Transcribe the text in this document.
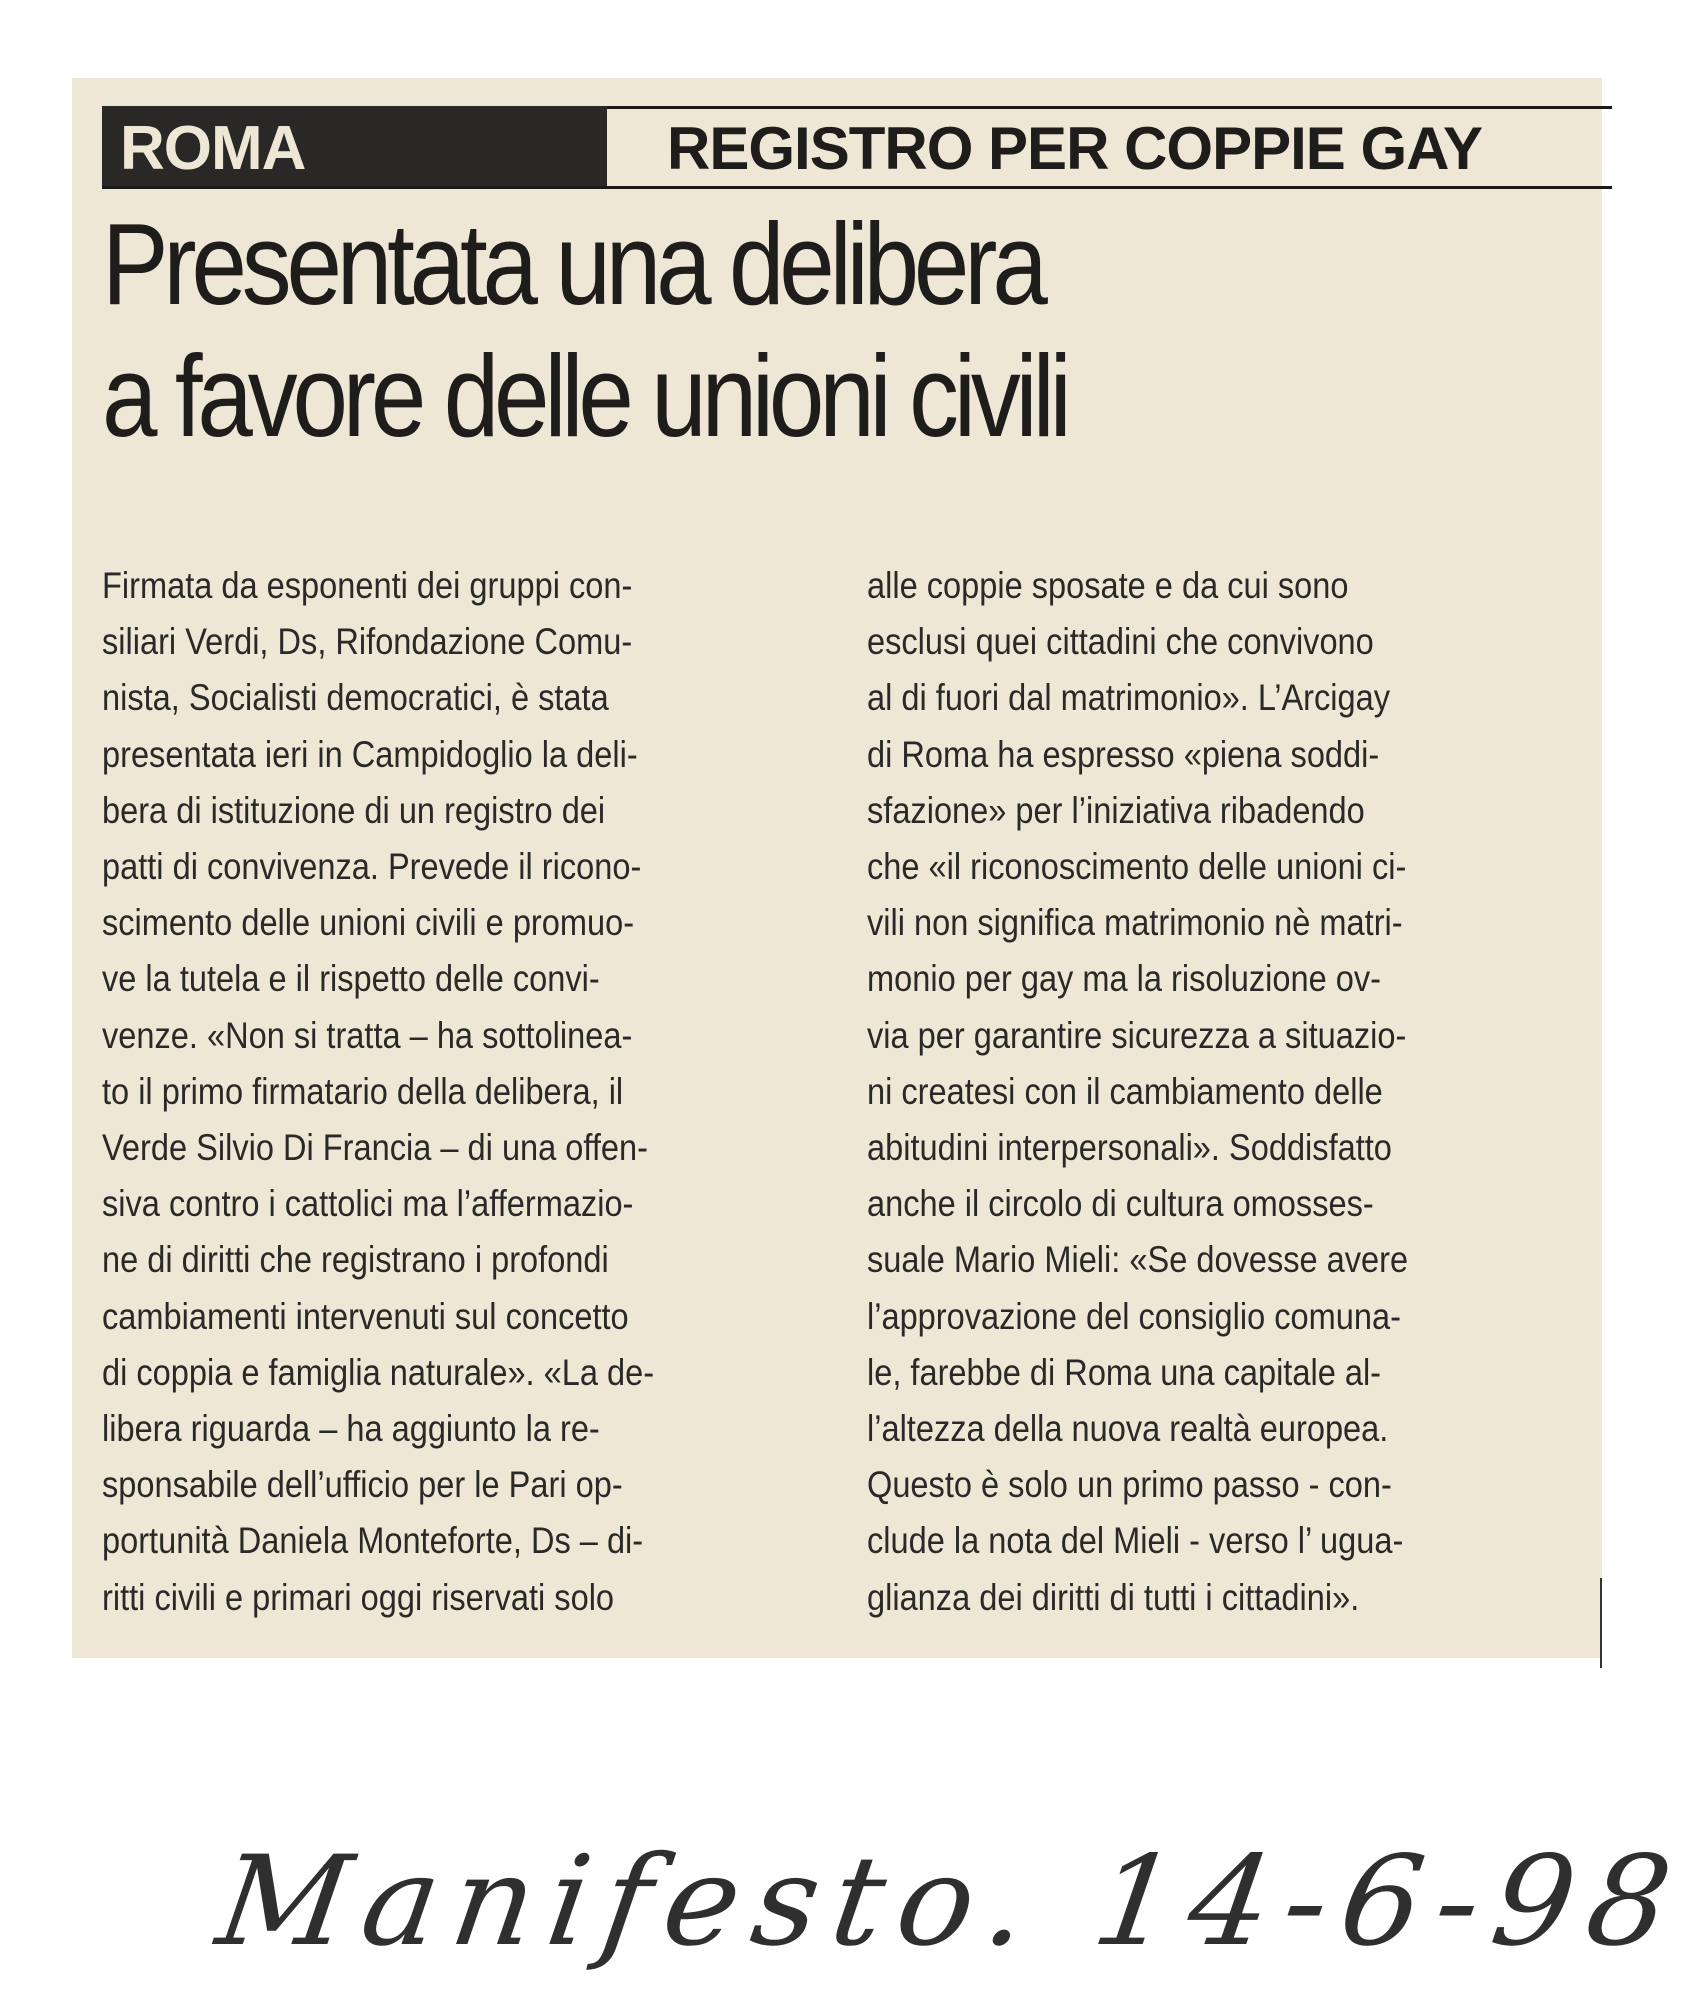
ROMA	REGISTRO PER COPPIE GAY
Presentata una delibera
a favore delle unioni civili
Firmata da esponenti dei gruppi con-
siliari Verdi, Ds, Rifondazione Comu-
nista, Socialisti democratici, è stata
presentata ieri in Campidoglio la deli-
bera di istituzione di un registro dei
patti di convivenza. Prevede il ricono-
scimento delle unioni civili e promuo-
ve la tutela e il rispetto delle convi-
venze. «Non si tratta – ha sottolinea-
to il primo firmatario della delibera, il
Verde Silvio Di Francia – di una offen-
siva contro i cattolici ma l’affermazio-
ne di diritti che registrano i profondi
cambiamenti intervenuti sul concetto
di coppia e famiglia naturale». «La de-
libera riguarda – ha aggiunto la re-
sponsabile dell’ufficio per le Pari op-
portunità Daniela Monteforte, Ds – di-
ritti civili e primari oggi riservati solo
alle coppie sposate e da cui sono
esclusi quei cittadini che convivono
al di fuori dal matrimonio». L’Arcigay
di Roma ha espresso «piena soddi-
sfazione» per l’iniziativa ribadendo
che «il riconoscimento delle unioni ci-
vili non significa matrimonio nè matri-
monio per gay ma la risoluzione ov-
via per garantire sicurezza a situazio-
ni createsi con il cambiamento delle
abitudini interpersonali». Soddisfatto
anche il circolo di cultura omosses-
suale Mario Mieli: «Se dovesse avere
l’approvazione del consiglio comuna-
le, farebbe di Roma una capitale al-
l’altezza della nuova realtà europea.
Questo è solo un primo passo - con-
clude la nota del Mieli - verso l’ ugua-
glianza dei diritti di tutti i cittadini».
Manifesto. 14-6-98
